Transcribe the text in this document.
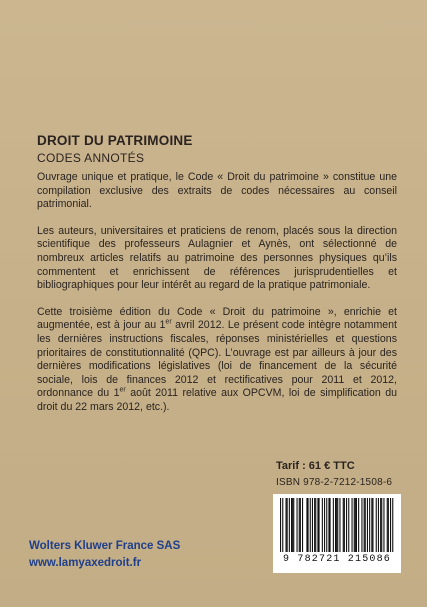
DROIT DU PATRIMOINE
CODES ANNOTÉS

Ouvrage unique et pratique, le Code « Droit du patrimoine » constitue une compilation exclusive des extraits de codes nécessaires au conseil patrimonial.

Les auteurs, universitaires et praticiens de renom, placés sous la direction scientifique des professeurs Aulagnier et Aynès, ont sélectionné de nombreux articles relatifs au patrimoine des personnes physiques qu’ils commentent et enrichissent de références jurisprudentielles et bibliographiques pour leur intérêt au regard de la pratique patrimoniale.

Cette troisième édition du Code « Droit du patrimoine », enrichie et augmentée, est à jour au 1er avril 2012. Le présent code intègre notamment les dernières instructions fiscales, réponses ministérielles et questions prioritaires de constitutionnalité (QPC). L’ouvrage est par ailleurs à jour des dernières modifications législatives (loi de financement de la sécurité sociale, lois de finances 2012 et rectificatives pour 2011 et 2012, ordonnance du 1er août 2011 relative aux OPCVM, loi de simplification du droit du 22 mars 2012, etc.).

Tarif : 61 € TTC
ISBN 978-2-7212-1508-6
9 782721 215086
Wolters Kluwer France SAS
www.lamyaxedroit.fr
